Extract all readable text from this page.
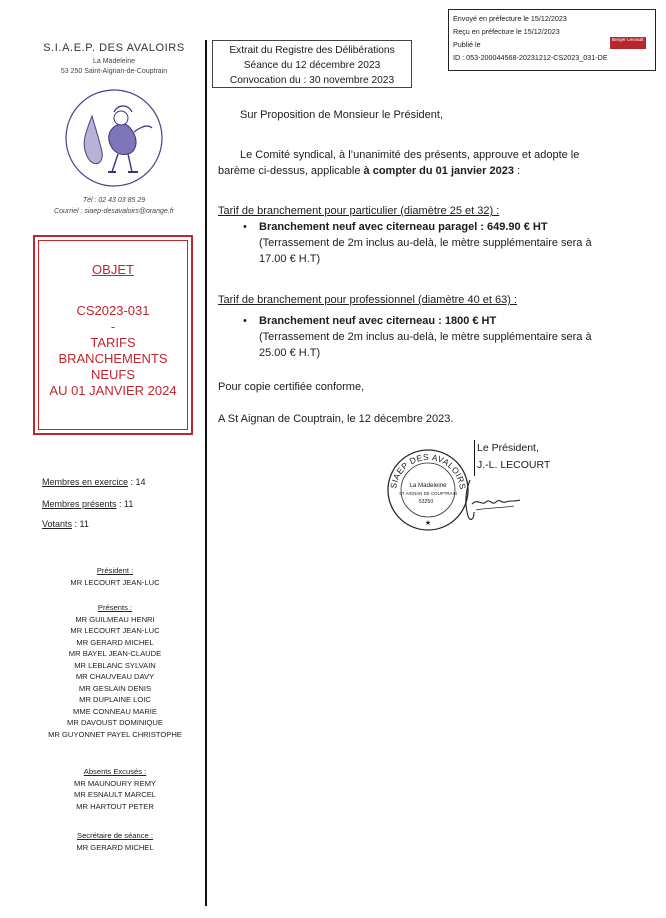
Envoyé en préfecture le 15/12/2023
Reçu en préfecture le 15/12/2023
Publié le
ID : 053-200044568-20231212-CS2023_031-DE
Berger Levrault
S.I.A.E.P. DES AVALOIRS
La Madeleine
53 250 Saint-Aignan-de-Couptrain
Tél : 02 43 03 85 29
Courriel : siaep-desavaloirs@orange.fr
OBJET
CS2023-031
-
TARIFS
BRANCHEMENTS
NEUFS
AU 01 JANVIER 2024
Membres en exercice : 14
Membres présents : 11
Votants : 11
Président :
MR LECOURT JEAN-LUC
Présents :
MR GUILMEAU HENRI
MR LECOURT JEAN-LUC
MR GERARD MICHEL
MR BAYEL JEAN-CLAUDE
MR LEBLANC SYLVAIN
MR CHAUVEAU DAVY
MR GESLAIN DENIS
MR DUPLAINE LOIC
MME CONNEAU MARIE
MR DAVOUST DOMINIQUE
MR GUYONNET PAYEL CHRISTOPHE
Absents Excusés :
MR MAUNOURY REMY
MR ESNAULT MARCEL
MR HARTOUT PETER
Secrétaire de séance :
MR GERARD MICHEL
Extrait du Registre des Délibérations
Séance du 12 décembre 2023
Convocation du : 30 novembre 2023
Sur Proposition de Monsieur le Président,
Le Comité syndical, à l’unanimité des présents, approuve et adopte le
barème ci-dessus, applicable à compter du 01 janvier 2023 :
Tarif de branchement pour particulier (diamètre 25 et 32) :
• Branchement neuf avec citerneau paragel : 649.90 € HT
(Terrassement de 2m inclus au-delà, le mètre supplémentaire sera à
17.00 € H.T)
Tarif de branchement pour professionnel (diamètre 40 et 63) :
• Branchement neuf avec citerneau : 1800 € HT
(Terrassement de 2m inclus au-delà, le mètre supplémentaire sera à
25.00 € H.T)
Pour copie certifiée conforme,
A St Aignan de Couptrain, le 12 décembre 2023.
Le Président,
J.-L. LECOURT
SIAEP DES AVALOIRS
La Madeleine
ST AIGNAN DE COUPTRAIN
53250
★
